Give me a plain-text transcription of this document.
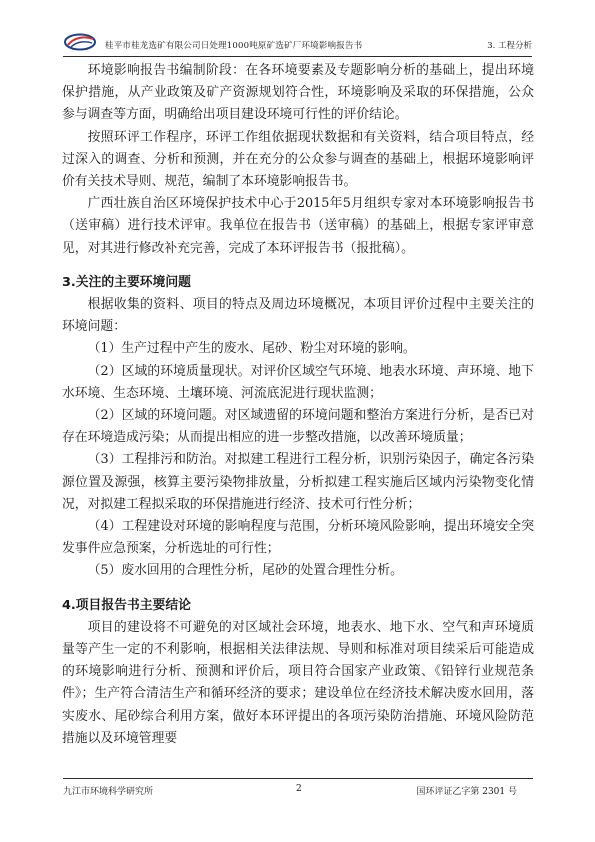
桂平市桂龙选矿有限公司日处理1000吨原矿选矿厂环境影响报告书	3. 工程分析

环境影响报告书编制阶段：在各环境要素及专题影响分析的基础上，提出环境保护措施，从产业政策及矿产资源规划符合性，环境影响及采取的环保措施，公众参与调查等方面，明确给出项目建设环境可行性的评价结论。

按照环评工作程序，环评工作组依据现状数据和有关资料，结合项目特点，经过深入的调查、分析和预测，并在充分的公众参与调查的基础上，根据环境影响评价有关技术导则、规范，编制了本环境影响报告书。

广西壮族自治区环境保护技术中心于2015年5月组织专家对本环境影响报告书（送审稿）进行技术评审。我单位在报告书（送审稿）的基础上，根据专家评审意见，对其进行修改补充完善，完成了本环评报告书（报批稿）。

3.关注的主要环境问题

根据收集的资料、项目的特点及周边环境概况，本项目评价过程中主要关注的环境问题：

（1）生产过程中产生的废水、尾砂、粉尘对环境的影响。

（2）区域的环境质量现状。对评价区域空气环境、地表水环境、声环境、地下水环境、生态环境、土壤环境、河流底泥进行现状监测；

（2）区域的环境问题。对区域遗留的环境问题和整治方案进行分析，是否已对存在环境造成污染；从而提出相应的进一步整改措施，以改善环境质量；

（3）工程排污和防治。对拟建工程进行工程分析，识别污染因子，确定各污染源位置及源强，核算主要污染物排放量，分析拟建工程实施后区域内污染物变化情况，对拟建工程拟采取的环保措施进行经济、技术可行性分析；

（4）工程建设对环境的影响程度与范围，分析环境风险影响，提出环境安全突发事件应急预案，分析选址的可行性；

（5）废水回用的合理性分析，尾砂的处置合理性分析。

4.项目报告书主要结论

项目的建设将不可避免的对区域社会环境，地表水、地下水、空气和声环境质量等产生一定的不利影响，根据相关法律法规、导则和标准对项目续采后可能造成的环境影响进行分析、预测和评价后，项目符合国家产业政策、《铅锌行业规范条件》；生产符合清洁生产和循环经济的要求；建设单位在经济技术解决废水回用，落实废水、尾砂综合利用方案，做好本环评提出的各项污染防治措施、环境风险防范措施以及环境管理要

九江市环境科学研究所	2	国环评证乙字第 2301 号
